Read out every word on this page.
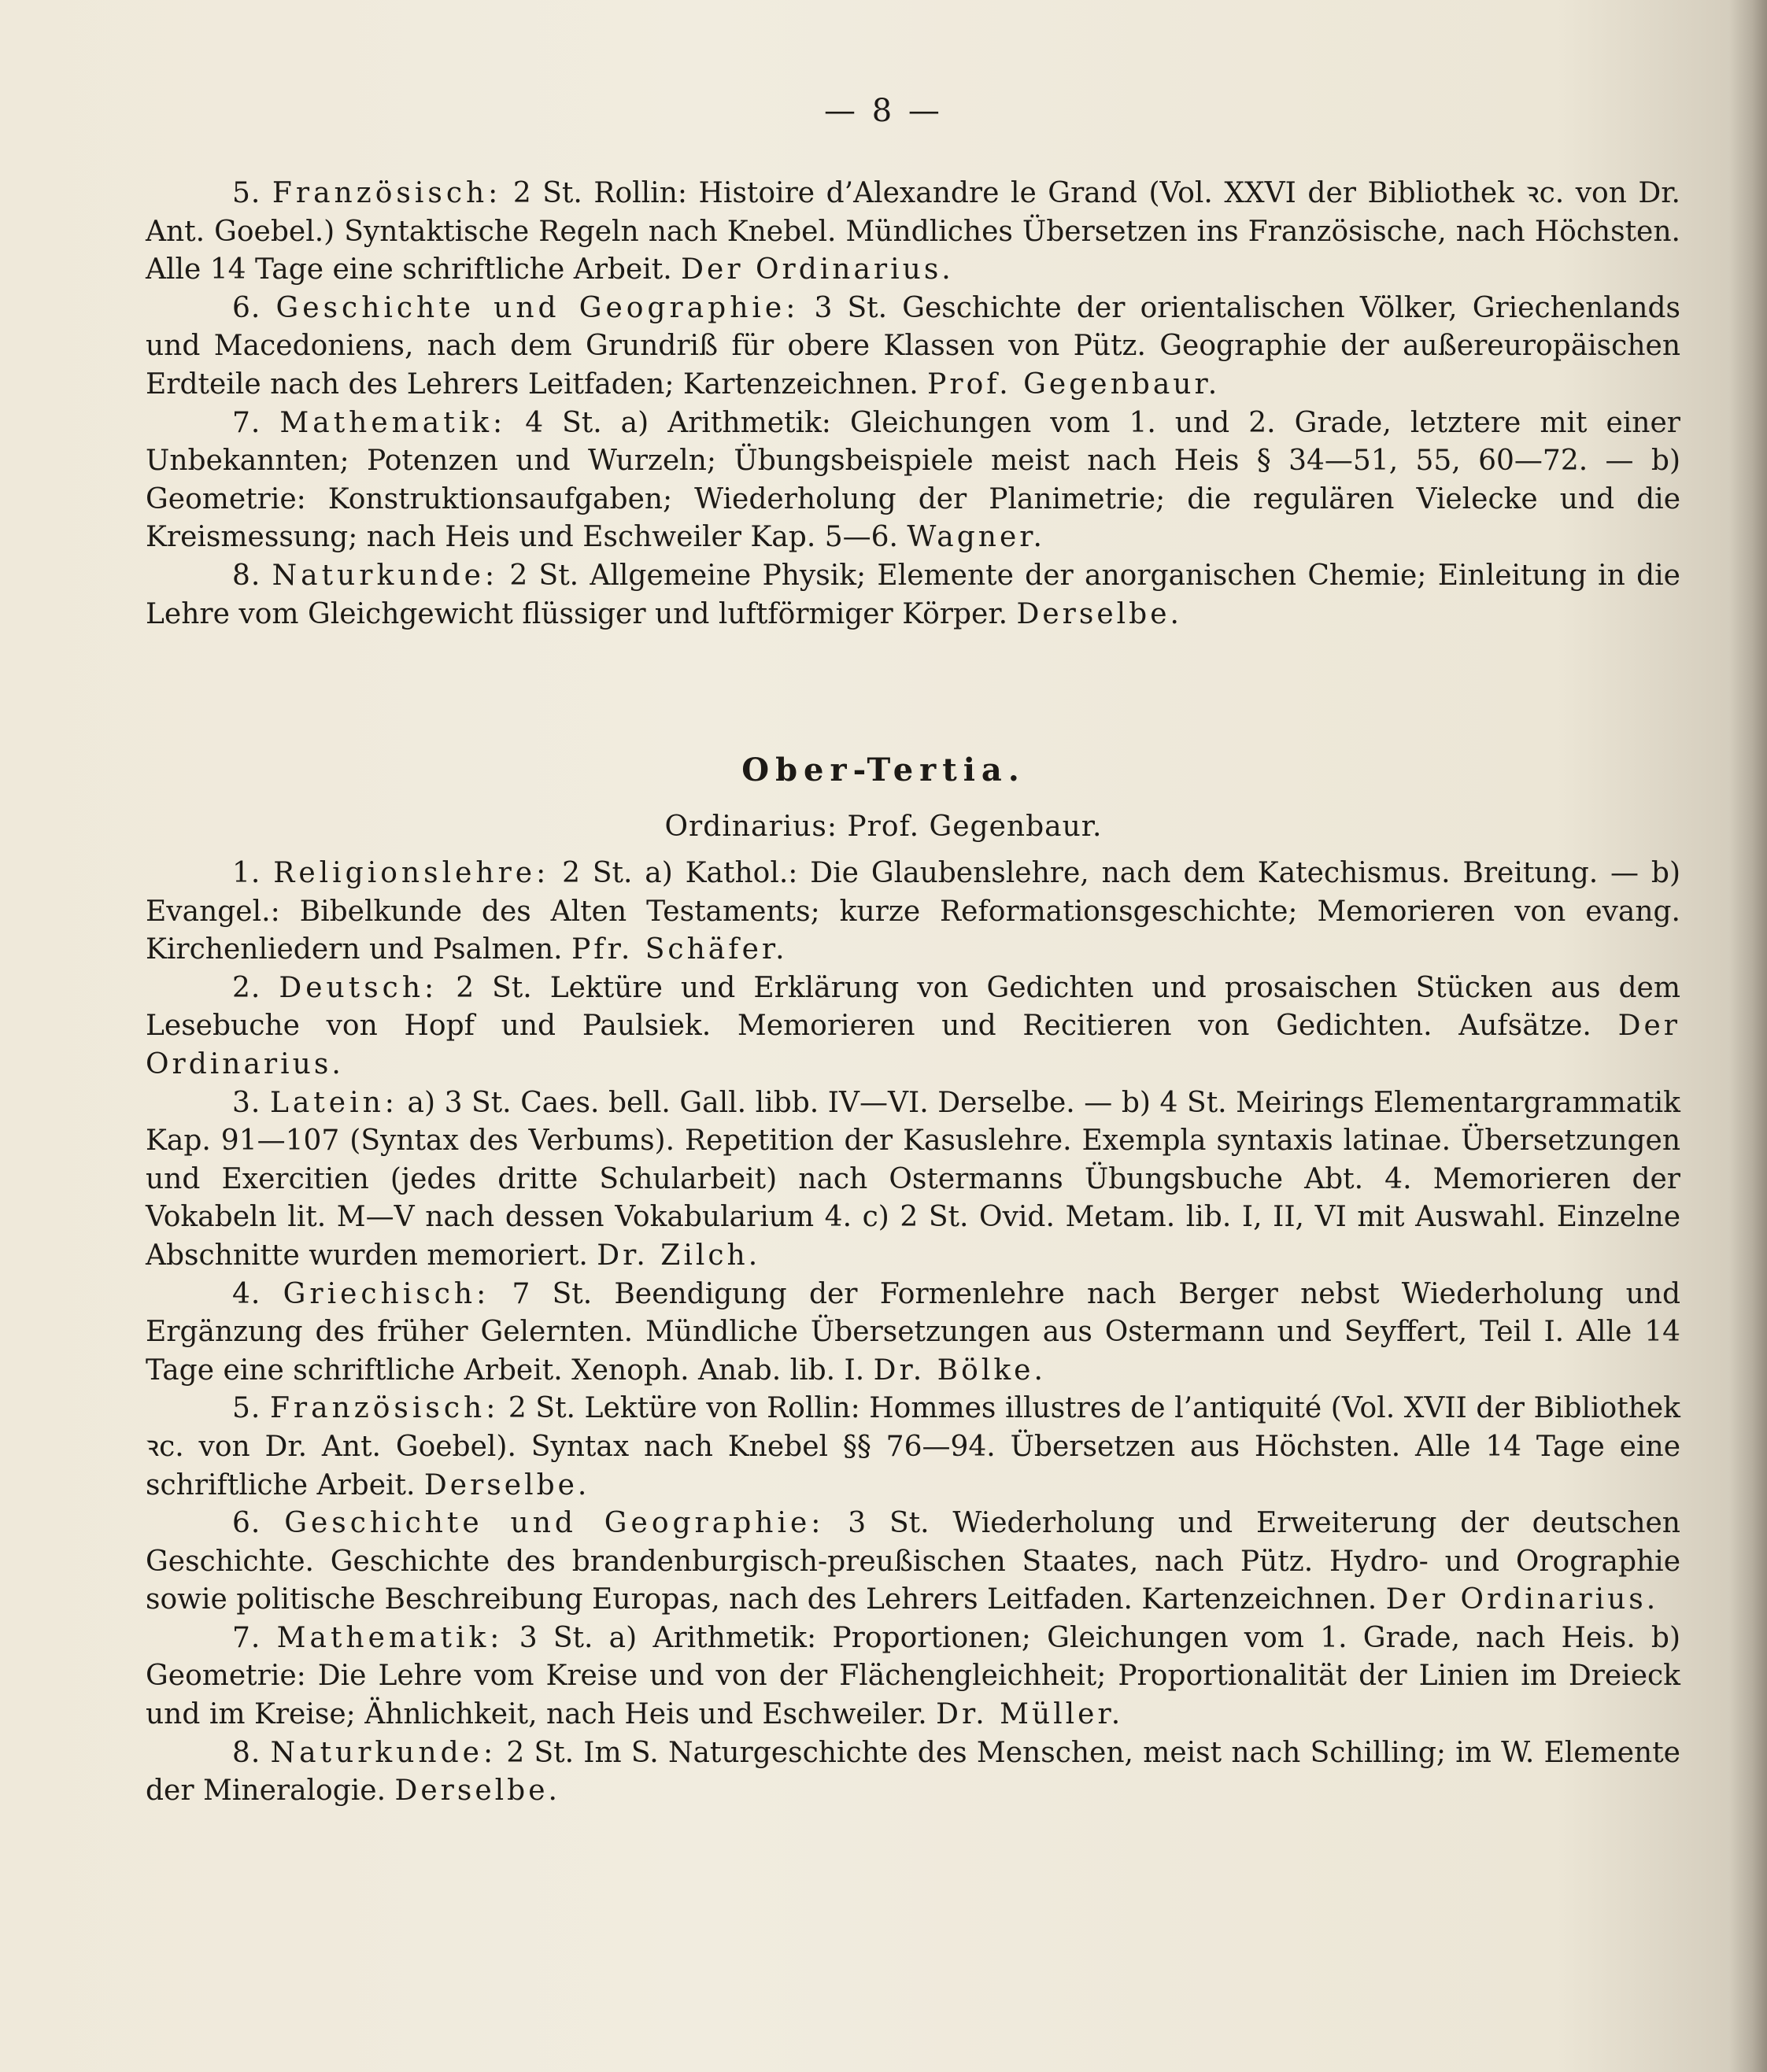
— 8 —

5. Französisch: 2 St. Rollin: Histoire d’Alexandre le Grand (Vol. XXVI der Bibliothek ꝛc. von Dr. Ant. Goebel.) Syntaktische Regeln nach Knebel. Mündliches Übersetzen ins Französische, nach Höchsten. Alle 14 Tage eine schriftliche Arbeit. Der Ordinarius.

6. Geschichte und Geographie: 3 St. Geschichte der orientalischen Völker, Griechenlands und Macedoniens, nach dem Grundriß für obere Klassen von Pütz. Geographie der außereuropäischen Erdteile nach des Lehrers Leitfaden; Kartenzeichnen. Prof. Gegenbaur.

7. Mathematik: 4 St. a) Arithmetik: Gleichungen vom 1. und 2. Grade, letztere mit einer Unbekannten; Potenzen und Wurzeln; Übungsbeispiele meist nach Heis § 34—51, 55, 60—72. — b) Geometrie: Konstruktionsaufgaben; Wiederholung der Planimetrie; die regulären Vielecke und die Kreismessung; nach Heis und Eschweiler Kap. 5—6. Wagner.

8. Naturkunde: 2 St. Allgemeine Physik; Elemente der anorganischen Chemie; Einleitung in die Lehre vom Gleichgewicht flüssiger und luftförmiger Körper. Derselbe.

Ober-Tertia.
Ordinarius: Prof. Gegenbaur.

1. Religionslehre: 2 St. a) Kathol.: Die Glaubenslehre, nach dem Katechismus. Breitung. — b) Evangel.: Bibelkunde des Alten Testaments; kurze Reformationsgeschichte; Memorieren von evang. Kirchenliedern und Psalmen. Pfr. Schäfer.

2. Deutsch: 2 St. Lektüre und Erklärung von Gedichten und prosaischen Stücken aus dem Lesebuche von Hopf und Paulsiek. Memorieren und Recitieren von Gedichten. Aufsätze. Der Ordinarius.

3. Latein: a) 3 St. Caes. bell. Gall. libb. IV—VI. Derselbe. — b) 4 St. Meirings Elementargrammatik Kap. 91—107 (Syntax des Verbums). Repetition der Kasuslehre. Exempla syntaxis latinae. Übersetzungen und Exercitien (jedes dritte Schularbeit) nach Ostermanns Übungsbuche Abt. 4. Memorieren der Vokabeln lit. M—V nach dessen Vokabularium 4. c) 2 St. Ovid. Metam. lib. I, II, VI mit Auswahl. Einzelne Abschnitte wurden memoriert. Dr. Zilch.

4. Griechisch: 7 St. Beendigung der Formenlehre nach Berger nebst Wiederholung und Ergänzung des früher Gelernten. Mündliche Übersetzungen aus Ostermann und Seyffert, Teil I. Alle 14 Tage eine schriftliche Arbeit. Xenoph. Anab. lib. I. Dr. Bölke.

5. Französisch: 2 St. Lektüre von Rollin: Hommes illustres de l’antiquité (Vol. XVII der Bibliothek ꝛc. von Dr. Ant. Goebel). Syntax nach Knebel §§ 76—94. Übersetzen aus Höchsten. Alle 14 Tage eine schriftliche Arbeit. Derselbe.

6. Geschichte und Geographie: 3 St. Wiederholung und Erweiterung der deutschen Geschichte. Geschichte des brandenburgisch-preußischen Staates, nach Pütz. Hydro- und Orographie sowie politische Beschreibung Europas, nach des Lehrers Leitfaden. Kartenzeichnen. Der Ordinarius.

7. Mathematik: 3 St. a) Arithmetik: Proportionen; Gleichungen vom 1. Grade, nach Heis. b) Geometrie: Die Lehre vom Kreise und von der Flächengleichheit; Proportionalität der Linien im Dreieck und im Kreise; Ähnlichkeit, nach Heis und Eschweiler. Dr. Müller.

8. Naturkunde: 2 St. Im S. Naturgeschichte des Menschen, meist nach Schilling; im W. Elemente der Mineralogie. Derselbe.
